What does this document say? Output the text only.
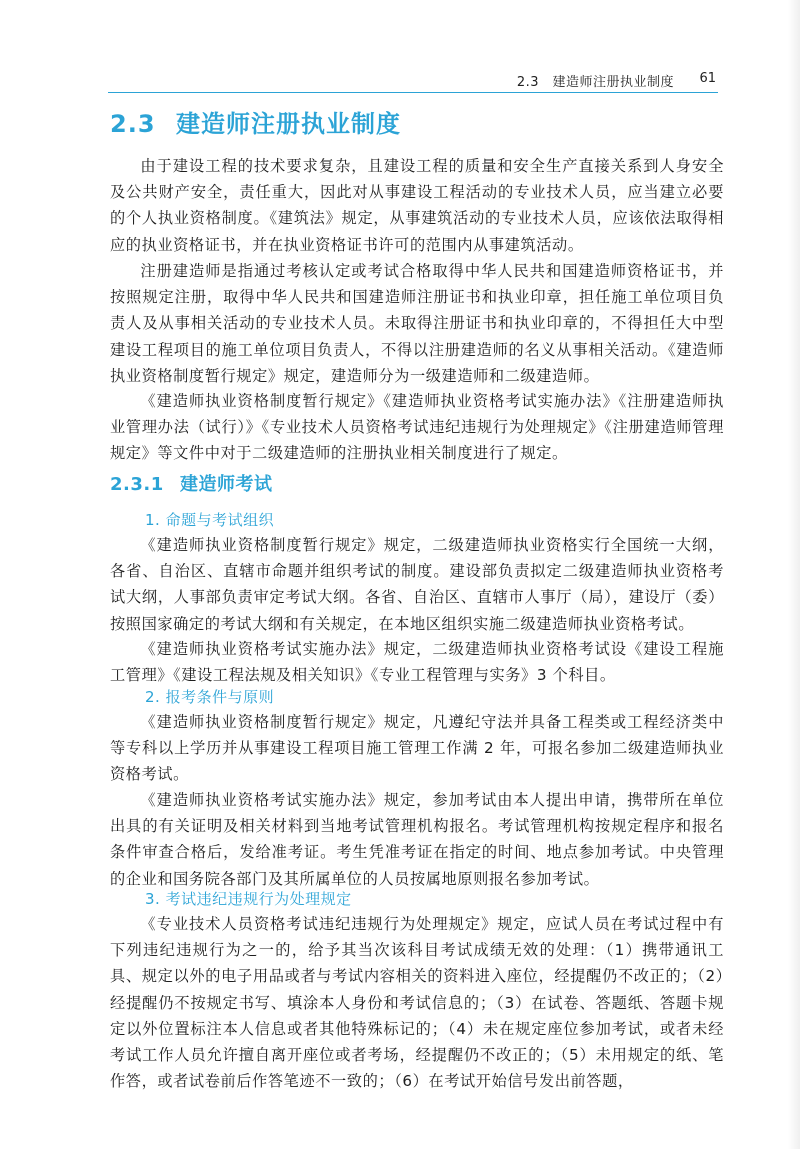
2.3　建造师注册执业制度 61
2.3 建造师注册执业制度

由于建设工程的技术要求复杂，且建设工程的质量和安全生产直接关系到人身安全及公共财产安全，责任重大，因此对从事建设工程活动的专业技术人员，应当建立必要的个人执业资格制度。《建筑法》规定，从事建筑活动的专业技术人员，应该依法取得相应的执业资格证书，并在执业资格证书许可的范围内从事建筑活动。

注册建造师是指通过考核认定或考试合格取得中华人民共和国建造师资格证书，并按照规定注册，取得中华人民共和国建造师注册证书和执业印章，担任施工单位项目负责人及从事相关活动的专业技术人员。未取得注册证书和执业印章的，不得担任大中型建设工程项目的施工单位项目负责人，不得以注册建造师的名义从事相关活动。《建造师执业资格制度暂行规定》规定，建造师分为一级建造师和二级建造师。

《建造师执业资格制度暂行规定》《建造师执业资格考试实施办法》《注册建造师执业管理办法（试行）》《专业技术人员资格考试违纪违规行为处理规定》《注册建造师管理规定》等文件中对于二级建造师的注册执业相关制度进行了规定。

2.3.1 建造师考试
1. 命题与考试组织

《建造师执业资格制度暂行规定》规定，二级建造师执业资格实行全国统一大纲，各省、自治区、直辖市命题并组织考试的制度。建设部负责拟定二级建造师执业资格考试大纲，人事部负责审定考试大纲。各省、自治区、直辖市人事厅（局），建设厅（委）按照国家确定的考试大纲和有关规定，在本地区组织实施二级建造师执业资格考试。

《建造师执业资格考试实施办法》规定，二级建造师执业资格考试设《建设工程施工管理》《建设工程法规及相关知识》《专业工程管理与实务》3 个科目。

2. 报考条件与原则

《建造师执业资格制度暂行规定》规定，凡遵纪守法并具备工程类或工程经济类中等专科以上学历并从事建设工程项目施工管理工作满 2 年，可报名参加二级建造师执业资格考试。

《建造师执业资格考试实施办法》规定，参加考试由本人提出申请，携带所在单位出具的有关证明及相关材料到当地考试管理机构报名。考试管理机构按规定程序和报名条件审查合格后，发给准考证。考生凭准考证在指定的时间、地点参加考试。中央管理的企业和国务院各部门及其所属单位的人员按属地原则报名参加考试。

3. 考试违纪违规行为处理规定

《专业技术人员资格考试违纪违规行为处理规定》规定，应试人员在考试过程中有下列违纪违规行为之一的，给予其当次该科目考试成绩无效的处理：（1）携带通讯工具、规定以外的电子用品或者与考试内容相关的资料进入座位，经提醒仍不改正的；（2）经提醒仍不按规定书写、填涂本人身份和考试信息的；（3）在试卷、答题纸、答题卡规定以外位置标注本人信息或者其他特殊标记的；（4）未在规定座位参加考试，或者未经考试工作人员允许擅自离开座位或者考场，经提醒仍不改正的；（5）未用规定的纸、笔作答，或者试卷前后作答笔迹不一致的；（6）在考试开始信号发出前答题，
